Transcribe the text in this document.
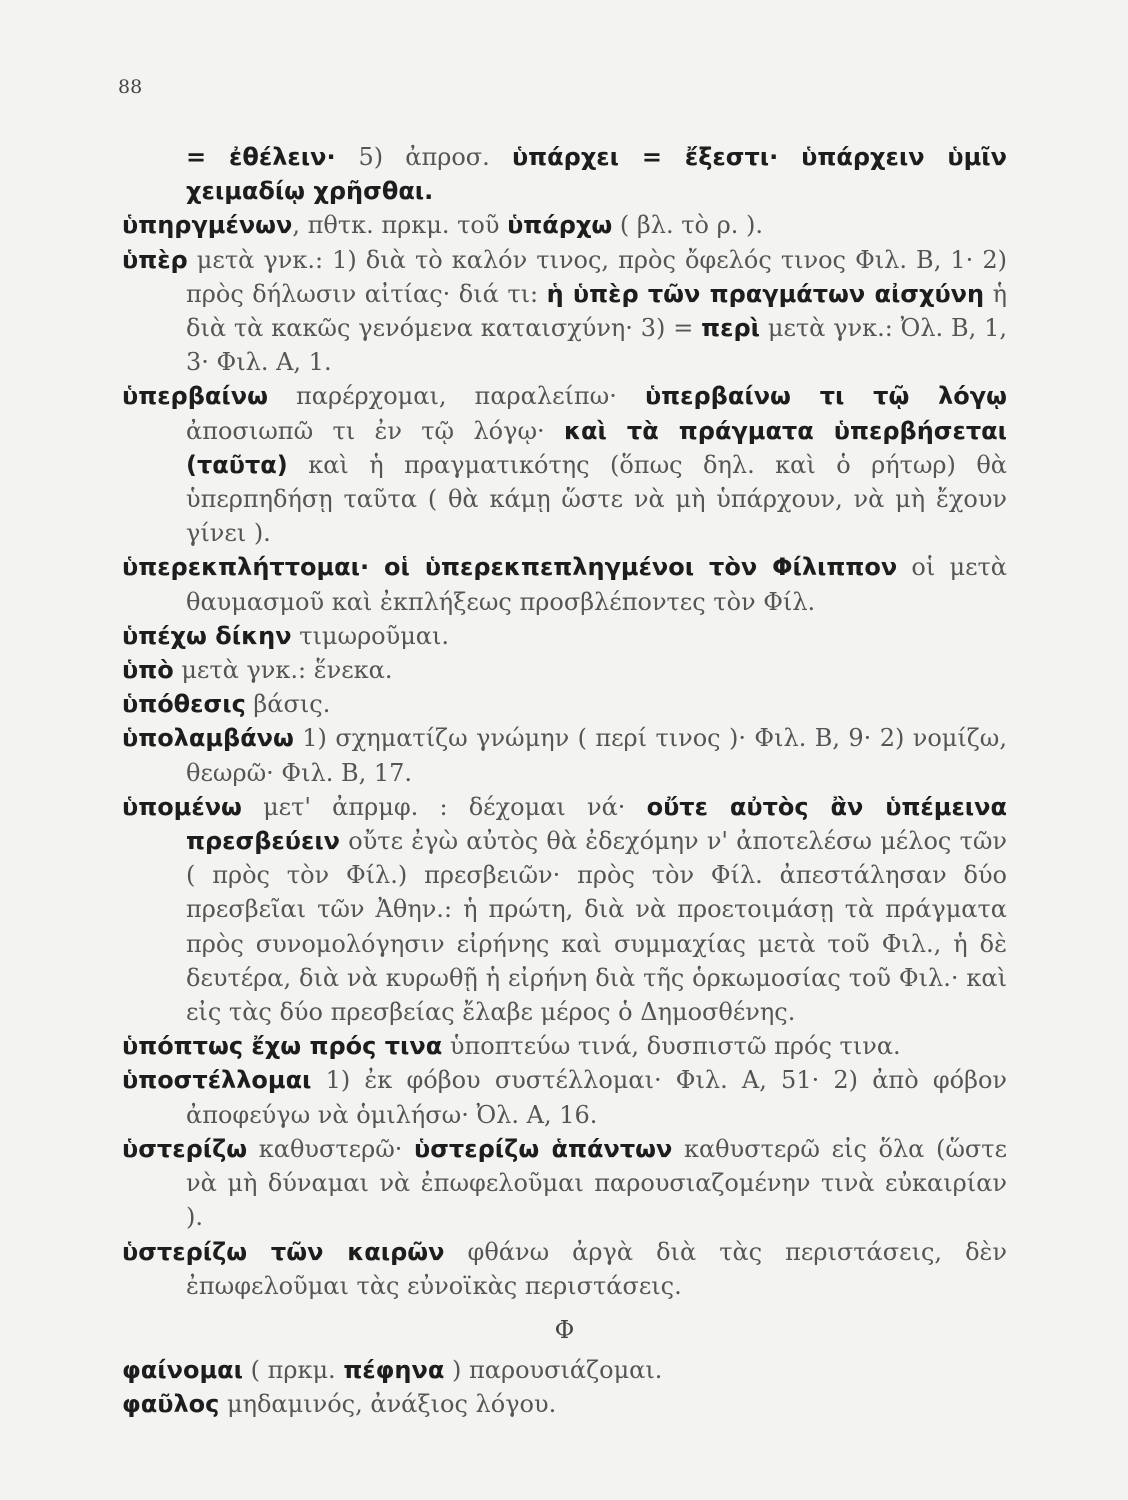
88
= ἐθέλειν· 5) ἀπροσ. ὑπάρχει = ἔξεστι· ὑπάρχειν ὑμῖν χειμαδίῳ χρῆσθαι.
ὑπηργμένων, πθτκ. πρκμ. τοῦ ὑπάρχω ( βλ. τὸ ρ. ).
ὑπὲρ μετὰ γνκ.: 1) διὰ τὸ καλόν τινος, πρὸς ὄφελός τινος Φιλ. Β, 1· 2) πρὸς δήλωσιν αἰτίας· διά τι: ἡ ὑπὲρ τῶν πραγμάτων αἰσχύνη ἡ διὰ τὰ κακῶς γενόμενα καταισχύνη· 3) = περὶ μετὰ γνκ.: Ὀλ. Β, 1, 3· Φιλ. Α, 1.
ὑπερβαίνω παρέρχομαι, παραλείπω· ὑπερβαίνω τι τῷ λόγῳ ἀποσιωπῶ τι ἐν τῷ λόγῳ· καὶ τὰ πράγματα ὑπερβήσεται (ταῦτα) καὶ ἡ πραγματικότης (ὅπως δηλ. καὶ ὁ ρήτωρ) θὰ ὑπερπηδήσῃ ταῦτα ( θὰ κάμῃ ὥστε νὰ μὴ ὑπάρχουν, νὰ μὴ ἔχουν γίνει ).
ὑπερεκπλήττομαι· οἱ ὑπερεκπεπληγμένοι τὸν Φίλιππον οἱ μετὰ θαυμασμοῦ καὶ ἐκπλήξεως προσβλέποντες τὸν Φίλ.
ὑπέχω δίκην τιμωροῦμαι.
ὑπὸ μετὰ γνκ.: ἕνεκα.
ὑπόθεσις βάσις.
ὑπολαμβάνω 1) σχηματίζω γνώμην ( περί τινος )· Φιλ. Β, 9· 2) νομίζω, θεωρῶ· Φιλ. Β, 17.
ὑπομένω μετ' ἀπρμφ. : δέχομαι νά· οὔτε αὐτὸς ἂν ὑπέμεινα πρεσβεύειν οὔτε ἐγὼ αὐτὸς θὰ ἐδεχόμην ν' ἀποτελέσω μέλος τῶν ( πρὸς τὸν Φίλ.) πρεσβειῶν· πρὸς τὸν Φίλ. ἀπεστάλησαν δύο πρεσβεῖαι τῶν Ἀθην.: ἡ πρώτη, διὰ νὰ προετοιμάσῃ τὰ πράγματα πρὸς συνομολόγησιν εἰρήνης καὶ συμμαχίας μετὰ τοῦ Φιλ., ἡ δὲ δευτέρα, διὰ νὰ κυρωθῇ ἡ εἰρήνη διὰ τῆς ὁρκωμοσίας τοῦ Φιλ.· καὶ εἰς τὰς δύο πρεσβείας ἔλαβε μέρος ὁ Δημοσθένης.
ὑπόπτως ἔχω πρός τινα ὑποπτεύω τινά, δυσπιστῶ πρός τινα.
ὑποστέλλομαι 1) ἐκ φόβου συστέλλομαι· Φιλ. Α, 51· 2) ἀπὸ φόβον ἀποφεύγω νὰ ὁμιλήσω· Ὀλ. Α, 16.
ὑστερίζω καθυστερῶ· ὑστερίζω ἁπάντων καθυστερῶ εἰς ὅλα (ὥστε νὰ μὴ δύναμαι νὰ ἐπωφελοῦμαι παρουσιαζομένην τινὰ εὐκαιρίαν ).
ὑστερίζω τῶν καιρῶν φθάνω ἀργὰ διὰ τὰς περιστάσεις, δὲν ἐπωφελοῦμαι τὰς εὐνοϊκὰς περιστάσεις.
Φ
φαίνομαι ( πρκμ. πέφηνα ) παρουσιάζομαι.
φαῦλος μηδαμινός, ἀνάξιος λόγου.
